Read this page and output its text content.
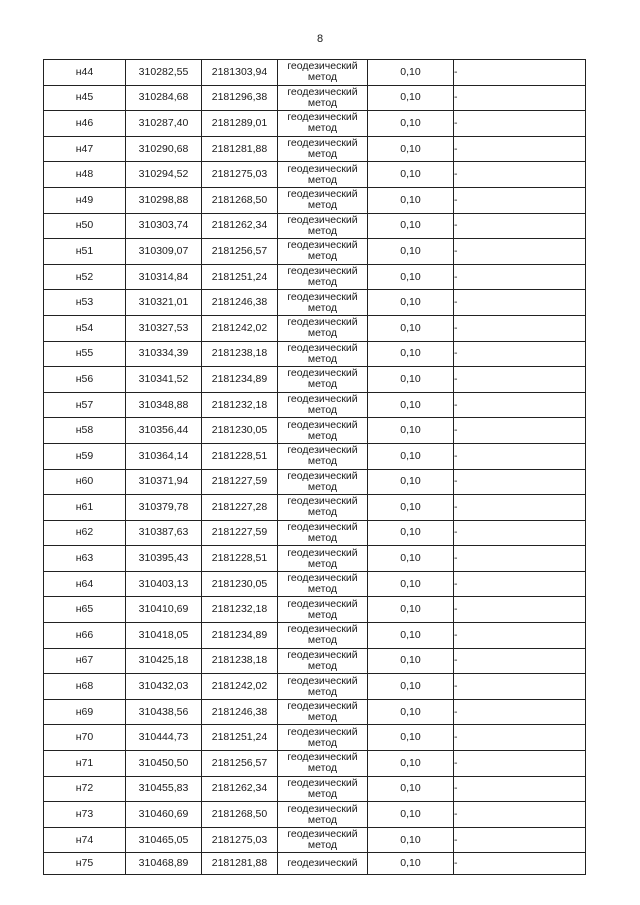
8
н44	310282,55	2181303,94	геодезический метод	0,10	-
н45	310284,68	2181296,38	геодезический метод	0,10	-
н46	310287,40	2181289,01	геодезический метод	0,10	-
н47	310290,68	2181281,88	геодезический метод	0,10	-
н48	310294,52	2181275,03	геодезический метод	0,10	-
н49	310298,88	2181268,50	геодезический метод	0,10	-
н50	310303,74	2181262,34	геодезический метод	0,10	-
н51	310309,07	2181256,57	геодезический метод	0,10	-
н52	310314,84	2181251,24	геодезический метод	0,10	-
н53	310321,01	2181246,38	геодезический метод	0,10	-
н54	310327,53	2181242,02	геодезический метод	0,10	-
н55	310334,39	2181238,18	геодезический метод	0,10	-
н56	310341,52	2181234,89	геодезический метод	0,10	-
н57	310348,88	2181232,18	геодезический метод	0,10	-
н58	310356,44	2181230,05	геодезический метод	0,10	-
н59	310364,14	2181228,51	геодезический метод	0,10	-
н60	310371,94	2181227,59	геодезический метод	0,10	-
н61	310379,78	2181227,28	геодезический метод	0,10	-
н62	310387,63	2181227,59	геодезический метод	0,10	-
н63	310395,43	2181228,51	геодезический метод	0,10	-
н64	310403,13	2181230,05	геодезический метод	0,10	-
н65	310410,69	2181232,18	геодезический метод	0,10	-
н66	310418,05	2181234,89	геодезический метод	0,10	-
н67	310425,18	2181238,18	геодезический метод	0,10	-
н68	310432,03	2181242,02	геодезический метод	0,10	-
н69	310438,56	2181246,38	геодезический метод	0,10	-
н70	310444,73	2181251,24	геодезический метод	0,10	-
н71	310450,50	2181256,57	геодезический метод	0,10	-
н72	310455,83	2181262,34	геодезический метод	0,10	-
н73	310460,69	2181268,50	геодезический метод	0,10	-
н74	310465,05	2181275,03	геодезический метод	0,10	-
н75	310468,89	2181281,88	геодезический	0,10	-
